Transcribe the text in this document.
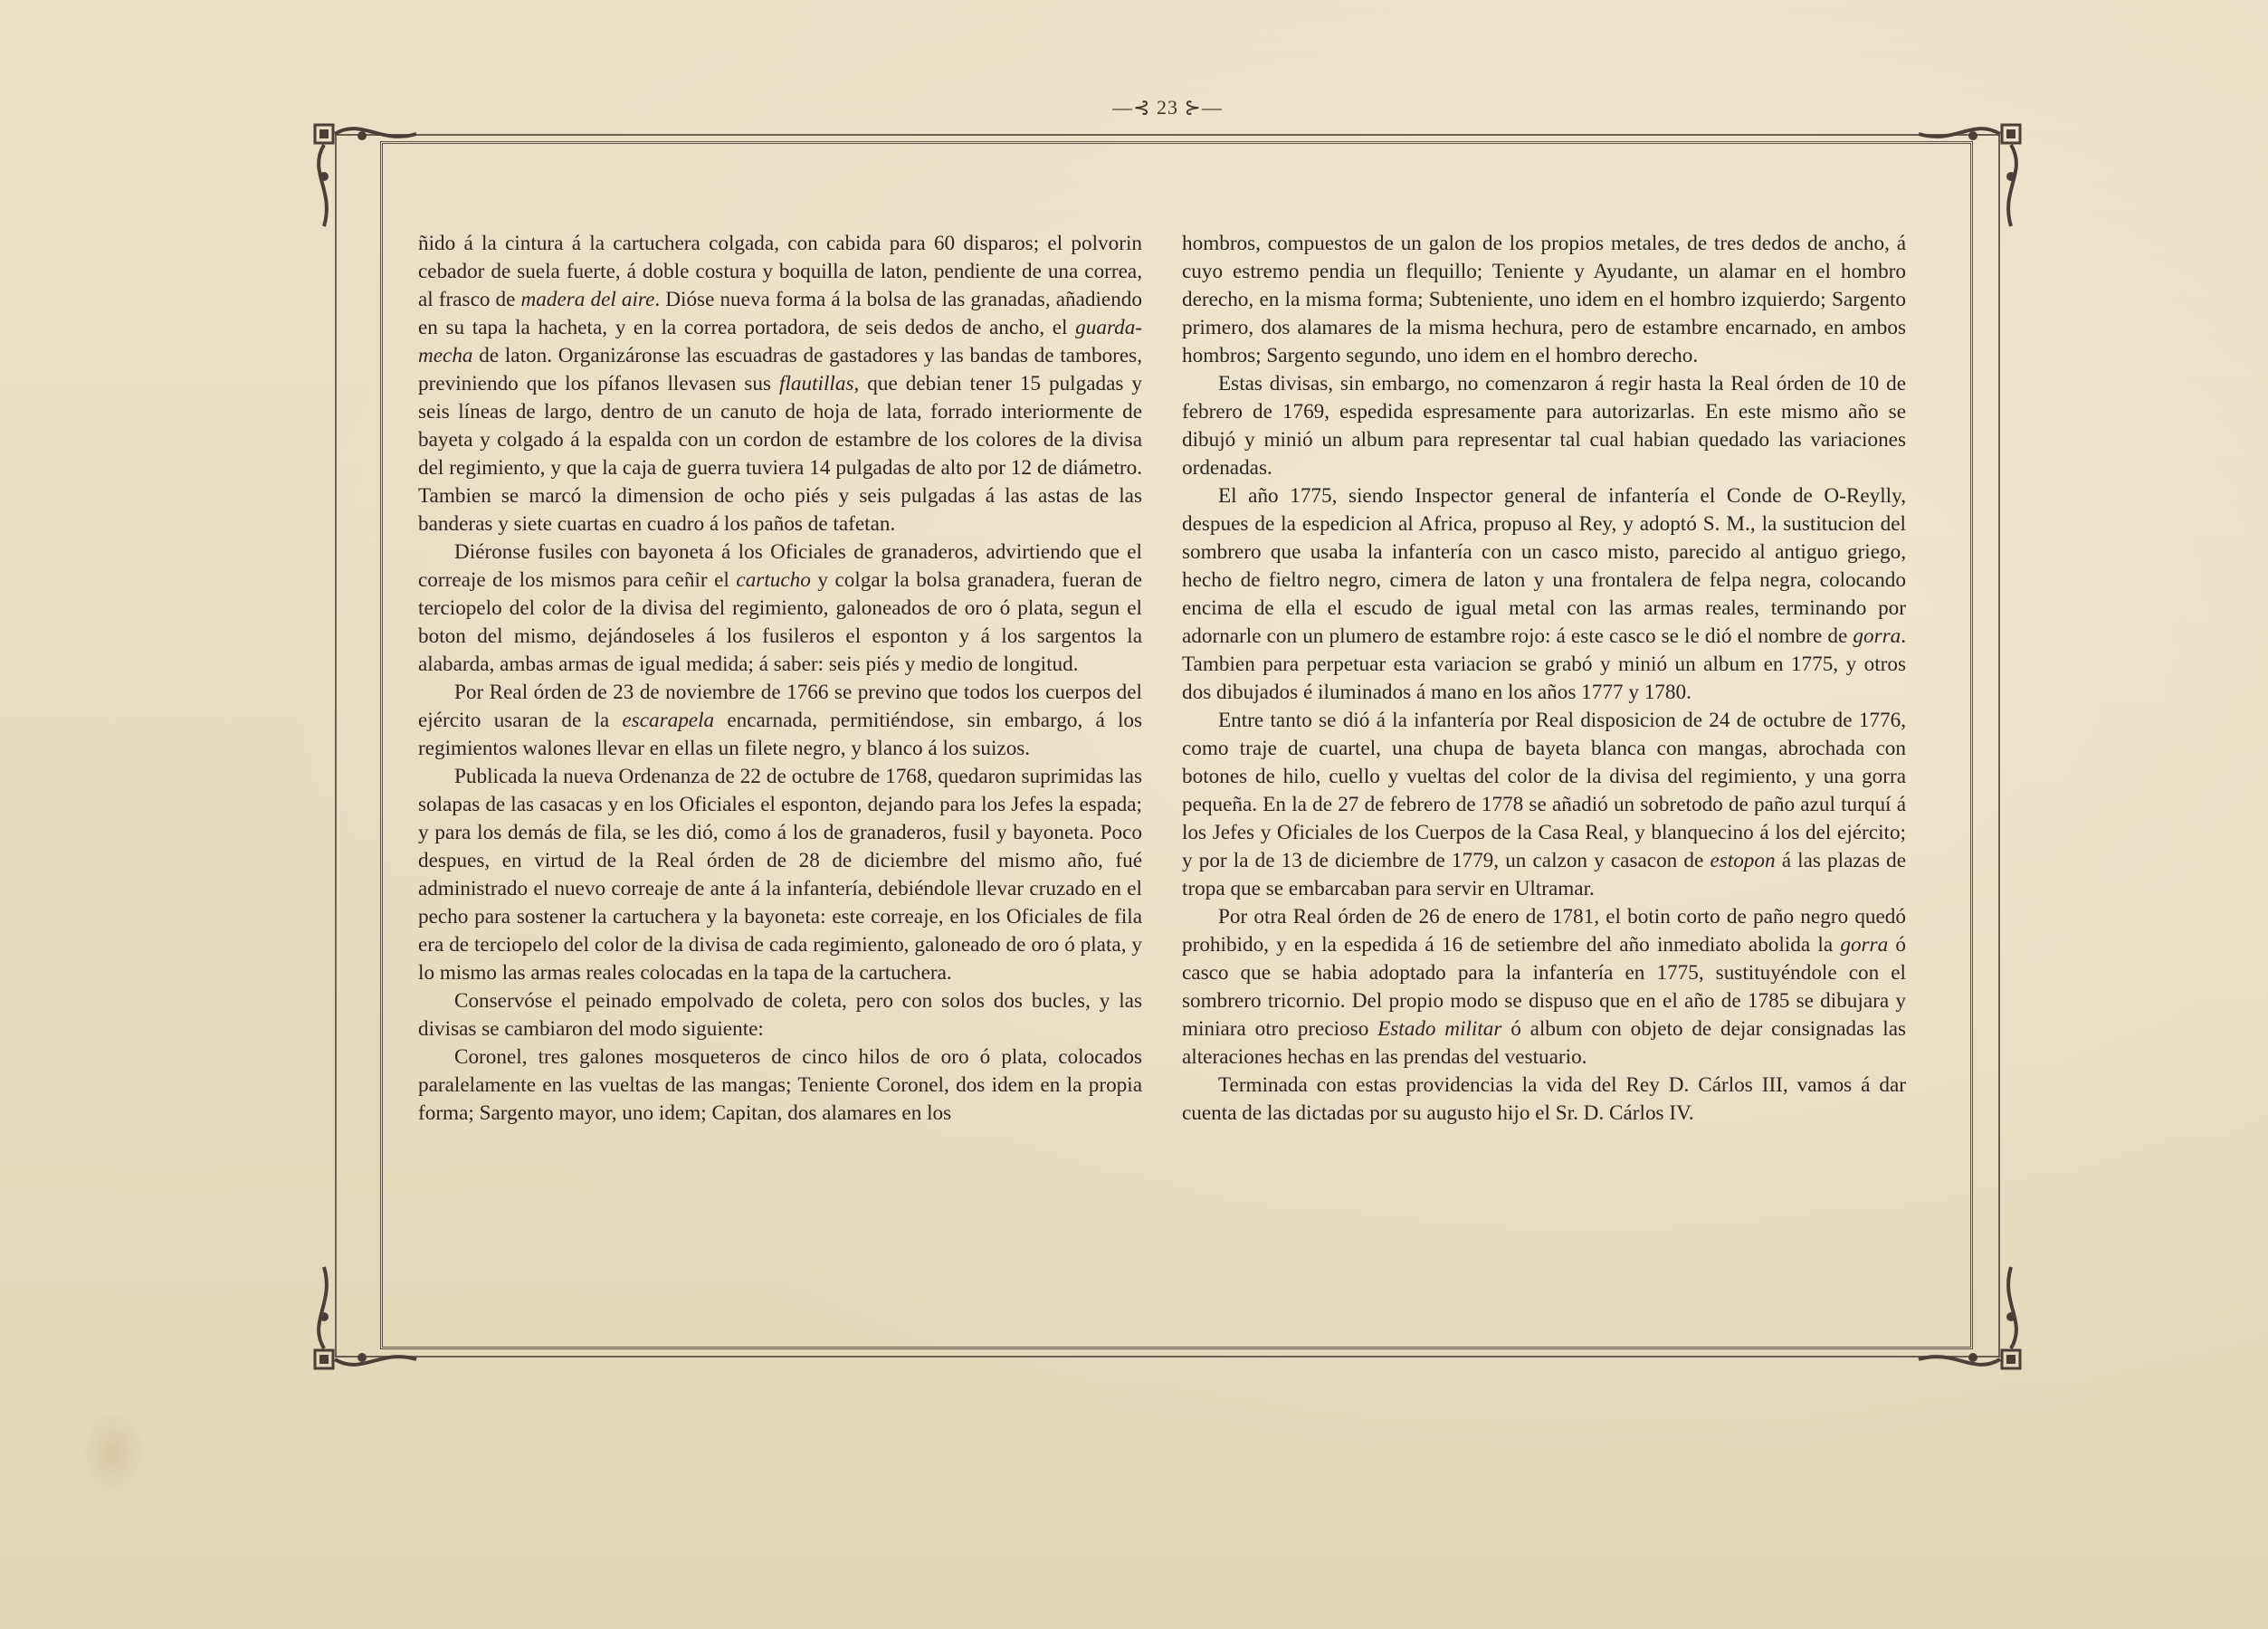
—⊰ 23 ⊱—

ñido á la cintura á la cartuchera colgada, con cabida para 60 disparos; el polvorin cebador de suela fuerte, á doble costura y boquilla de laton, pendiente de una correa, al frasco de madera del aire. Dióse nueva forma á la bolsa de las granadas, añadiendo en su tapa la hacheta, y en la correa portadora, de seis dedos de ancho, el guarda-mecha de laton. Organizáronse las escuadras de gastadores y las bandas de tambores, previniendo que los pífanos llevasen sus flautillas, que debian tener 15 pulgadas y seis líneas de largo, dentro de un canuto de hoja de lata, forrado interiormente de bayeta y colgado á la espalda con un cordon de estambre de los colores de la divisa del regimiento, y que la caja de guerra tuviera 14 pulgadas de alto por 12 de diámetro. Tambien se marcó la dimension de ocho piés y seis pulgadas á las astas de las banderas y siete cuartas en cuadro á los paños de tafetan.

Diéronse fusiles con bayoneta á los Oficiales de granaderos, advirtiendo que el correaje de los mismos para ceñir el cartucho y colgar la bolsa granadera, fueran de terciopelo del color de la divisa del regimiento, galoneados de oro ó plata, segun el boton del mismo, dejándoseles á los fusileros el esponton y á los sargentos la alabarda, ambas armas de igual medida; á saber: seis piés y medio de longitud.

Por Real órden de 23 de noviembre de 1766 se previno que todos los cuerpos del ejército usaran de la escarapela encarnada, permitiéndose, sin embargo, á los regimientos walones llevar en ellas un filete negro, y blanco á los suizos.

Publicada la nueva Ordenanza de 22 de octubre de 1768, quedaron suprimidas las solapas de las casacas y en los Oficiales el esponton, dejando para los Jefes la espada; y para los demás de fila, se les dió, como á los de granaderos, fusil y bayoneta. Poco despues, en virtud de la Real órden de 28 de diciembre del mismo año, fué administrado el nuevo correaje de ante á la infantería, debiéndole llevar cruzado en el pecho para sostener la cartuchera y la bayoneta: este correaje, en los Oficiales de fila era de terciopelo del color de la divisa de cada regimiento, galoneado de oro ó plata, y lo mismo las armas reales colocadas en la tapa de la cartuchera.

Conservóse el peinado empolvado de coleta, pero con solos dos bucles, y las divisas se cambiaron del modo siguiente:

Coronel, tres galones mosqueteros de cinco hilos de oro ó plata, colocados paralelamente en las vueltas de las mangas; Teniente Coronel, dos idem en la propia forma; Sargento mayor, uno idem; Capitan, dos alamares en los

hombros, compuestos de un galon de los propios metales, de tres dedos de ancho, á cuyo estremo pendia un flequillo; Teniente y Ayudante, un alamar en el hombro derecho, en la misma forma; Subteniente, uno idem en el hombro izquierdo; Sargento primero, dos alamares de la misma hechura, pero de estambre encarnado, en ambos hombros; Sargento segundo, uno idem en el hombro derecho.

Estas divisas, sin embargo, no comenzaron á regir hasta la Real órden de 10 de febrero de 1769, espedida espresamente para autorizarlas. En este mismo año se dibujó y minió un album para representar tal cual habian quedado las variaciones ordenadas.

El año 1775, siendo Inspector general de infantería el Conde de O-Reylly, despues de la espedicion al Africa, propuso al Rey, y adoptó S. M., la sustitucion del sombrero que usaba la infantería con un casco misto, parecido al antiguo griego, hecho de fieltro negro, cimera de laton y una frontalera de felpa negra, colocando encima de ella el escudo de igual metal con las armas reales, terminando por adornarle con un plumero de estambre rojo: á este casco se le dió el nombre de gorra. Tambien para perpetuar esta variacion se grabó y minió un album en 1775, y otros dos dibujados é iluminados á mano en los años 1777 y 1780.

Entre tanto se dió á la infantería por Real disposicion de 24 de octubre de 1776, como traje de cuartel, una chupa de bayeta blanca con mangas, abrochada con botones de hilo, cuello y vueltas del color de la divisa del regimiento, y una gorra pequeña. En la de 27 de febrero de 1778 se añadió un sobretodo de paño azul turquí á los Jefes y Oficiales de los Cuerpos de la Casa Real, y blanquecino á los del ejército; y por la de 13 de diciembre de 1779, un calzon y casacon de estopon á las plazas de tropa que se embarcaban para servir en Ultramar.

Por otra Real órden de 26 de enero de 1781, el botin corto de paño negro quedó prohibido, y en la espedida á 16 de setiembre del año inmediato abolida la gorra ó casco que se habia adoptado para la infantería en 1775, sustituyéndole con el sombrero tricornio. Del propio modo se dispuso que en el año de 1785 se dibujara y miniara otro precioso Estado militar ó album con objeto de dejar consignadas las alteraciones hechas en las prendas del vestuario.

Terminada con estas providencias la vida del Rey D. Cárlos III, vamos á dar cuenta de las dictadas por su augusto hijo el Sr. D. Cárlos IV.
